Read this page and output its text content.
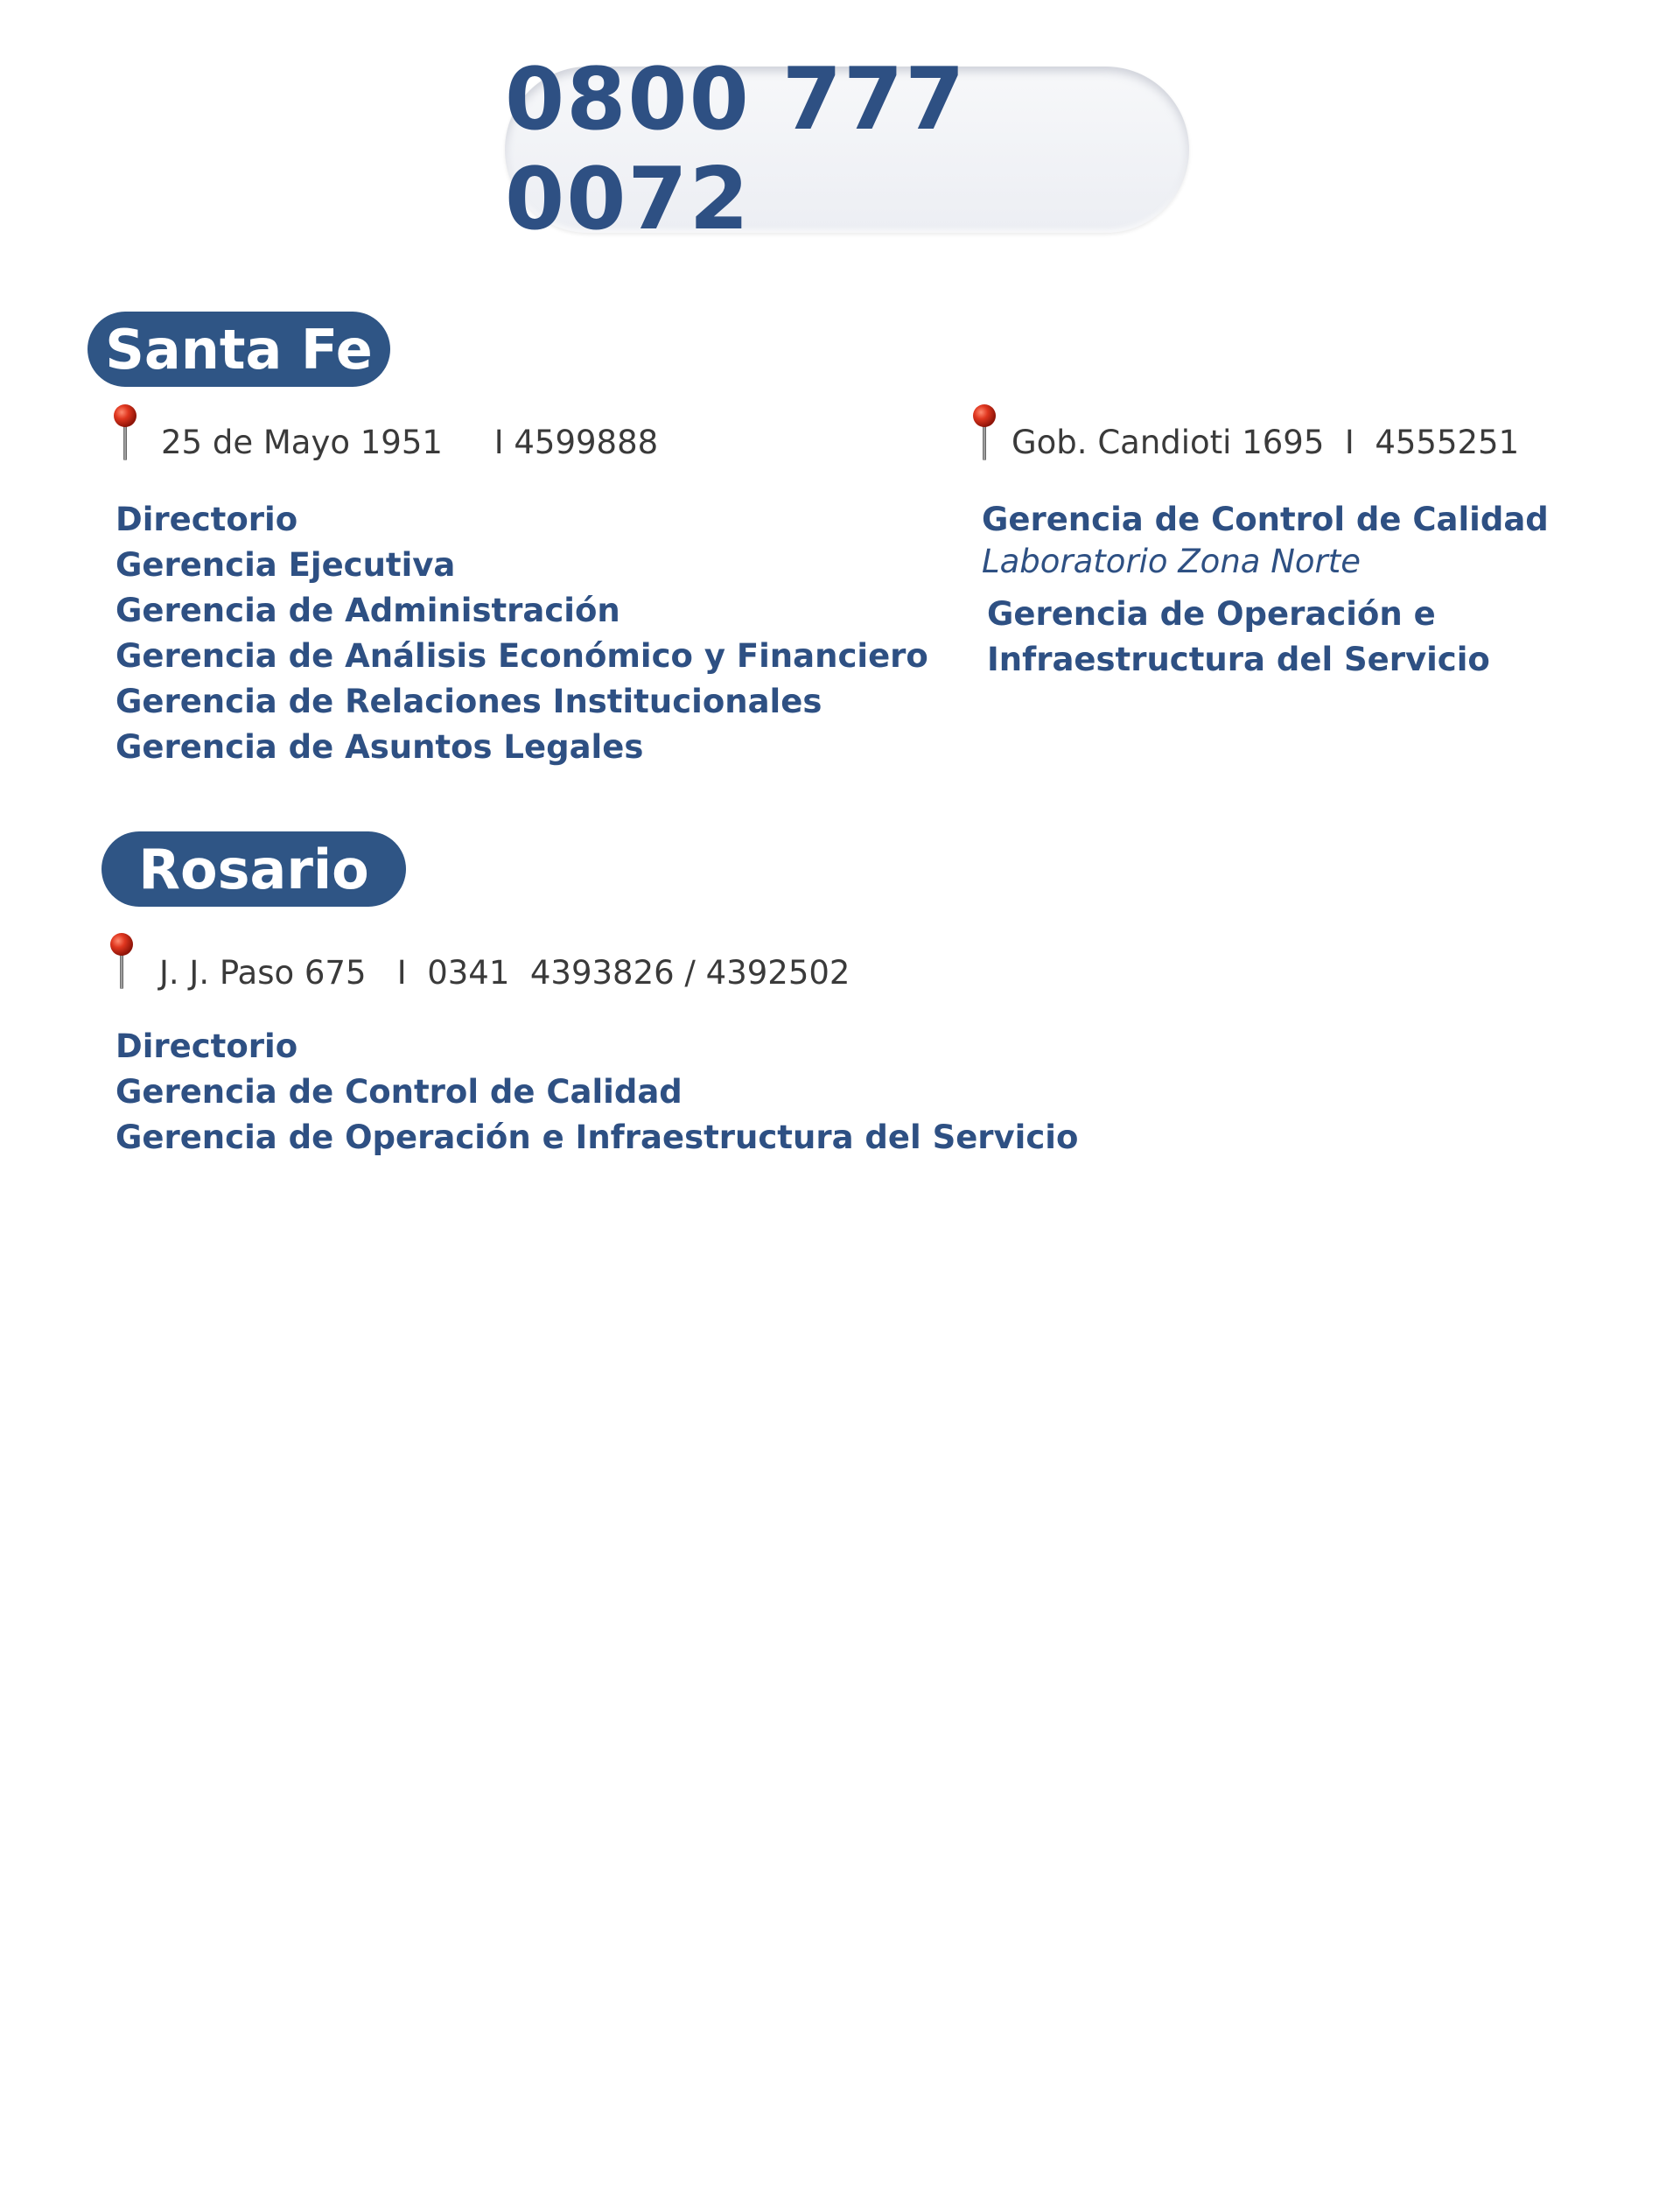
0800 777 0072
Santa Fe
25 de Mayo 1951     I 4599888
Directorio
Gerencia Ejecutiva
Gerencia de Administración
Gerencia de Análisis Económico y Financiero
Gerencia de Relaciones Institucionales
Gerencia de Asuntos Legales
Gob. Candioti 1695  I  4555251
Gerencia de Control de Calidad
Laboratorio Zona Norte
Gerencia de Operación e
Infraestructura del Servicio
Rosario
J. J. Paso 675   I  0341  4393826 / 4392502
Directorio
Gerencia de Control de Calidad
Gerencia de Operación e Infraestructura del Servicio
